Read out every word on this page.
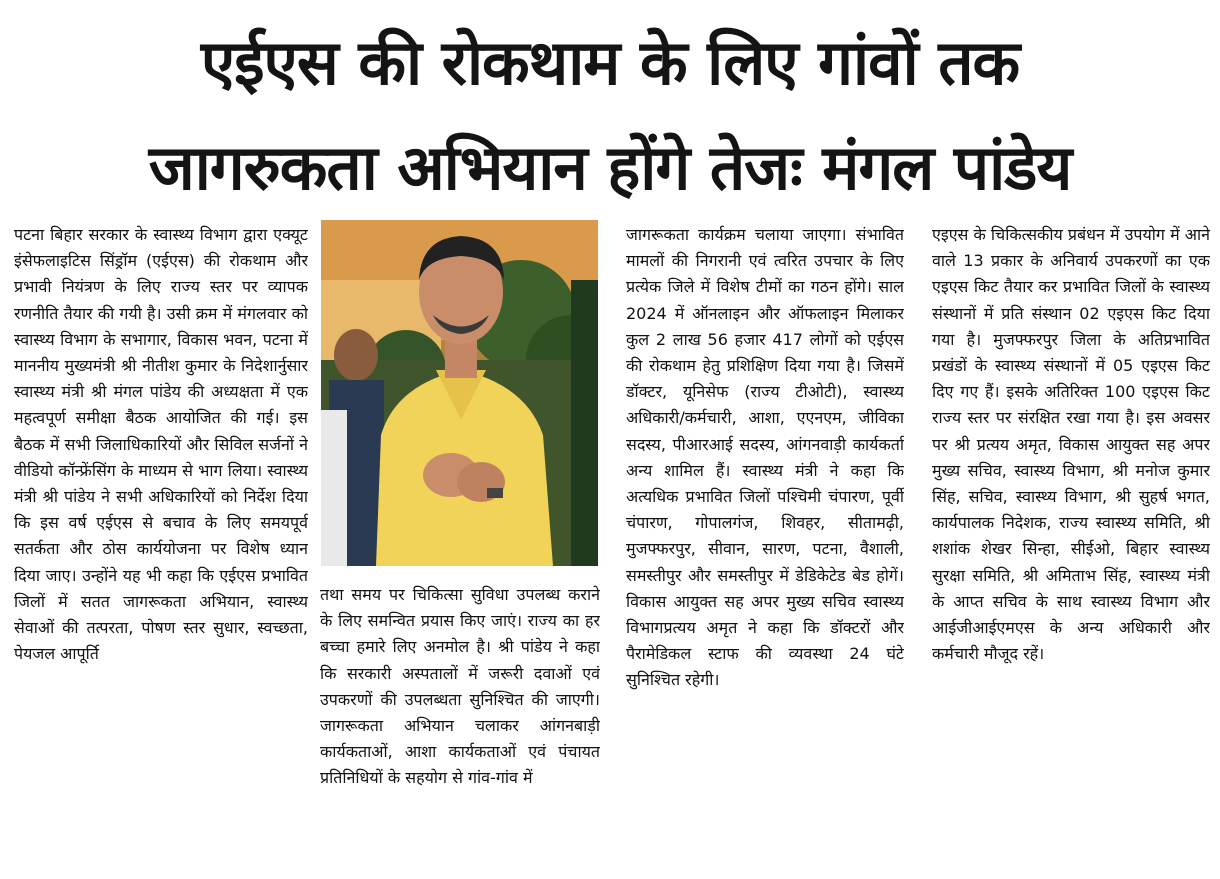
एईएस की रोकथाम के लिए गांवों तक
जागरुकता अभियान होंगे तेजः मंगल पांडेय

पटना बिहार सरकार के स्वास्थ्य विभाग द्वारा एक्यूट इंसेफलाइटिस सिंड्रॉम (एईएस) की रोकथाम और प्रभावी नियंत्रण के लिए राज्य स्तर पर व्यापक रणनीति तैयार की गयी है। उसी क्रम में मंगलवार को स्वास्थ्य विभाग के सभागार, विकास भवन, पटना में माननीय मुख्यमंत्री श्री नीतीश कुमार के निदेशार्नुसार स्वास्थ्य मंत्री श्री मंगल पांडेय की अध्यक्षता में एक महत्वपूर्ण समीक्षा बैठक आयोजित की गई। इस बैठक में सभी जिलाधिकारियों और सिविल सर्जनों ने वीडियो कॉन्फ्रेंसिंग के माध्यम से भाग लिया। स्वास्थ्य मंत्री श्री पांडेय ने सभी अधिकारियों को निर्देश दिया कि इस वर्ष एईएस से बचाव के लिए समयपूर्व सतर्कता और ठोस कार्ययोजना पर विशेष ध्यान दिया जाए। उन्होंने यह भी कहा कि एईएस प्रभावित जिलों में सतत जागरूकता अभियान, स्वास्थ्य सेवाओं की तत्परता, पोषण स्तर सुधार, स्वच्छता, पेयजल आपूर्ति

तथा समय पर चिकित्सा सुविधा उपलब्ध कराने के लिए समन्वित प्रयास किए जाएं। राज्य का हर बच्चा हमारे लिए अनमोल है। श्री पांडेय ने कहा कि सरकारी अस्पतालों में जरूरी दवाओं एवं उपकरणों की उपलब्धता सुनिश्चित की जाएगी। जागरूकता अभियान चलाकर आंगनबाड़ी कार्यकताओं, आशा कार्यकताओं एवं पंचायत प्रतिनिधियों के सहयोग से गांव-गांव में

जागरूकता कार्यक्रम चलाया जाएगा। संभावित मामलों की निगरानी एवं त्वरित उपचार के लिए प्रत्येक जिले में विशेष टीमों का गठन होंगे। साल 2024 में ऑनलाइन और ऑफलाइन मिलाकर कुल 2 लाख 56 हजार 417 लोगों को एईएस की रोकथाम हेतु प्रशिक्षिण दिया गया है। जिसमें डॉक्टर, यूनिसेफ (राज्य टीओटी), स्वास्थ्य अधिकारी/कर्मचारी, आशा, एएनएम, जीविका सदस्य, पीआरआई सदस्य, आंगनवाड़ी कार्यकर्ता अन्य शामिल हैं। स्वास्थ्य मंत्री ने कहा कि अत्यधिक प्रभावित जिलों पश्चिमी चंपारण, पूर्वी चंपारण, गोपालगंज, शिवहर, सीतामढ़ी, मुजफ्फरपुर, सीवान, सारण, पटना, वैशाली, समस्तीपुर और समस्तीपुर में डेडिकेटेड बेड होगें। विकास आयुक्त सह अपर मुख्य सचिव स्वास्थ्य विभागप्रत्यय अमृत ने कहा कि डॉक्टरों और पैरामेडिकल स्टाफ की व्यवस्था 24 घंटे सुनिश्चित रहेगी।

एइएस के चिकित्सकीय प्रबंधन में उपयोग में आने वाले 13 प्रकार के अनिवार्य उपकरणों का एक एइएस किट तैयार कर प्रभावित जिलों के स्वास्थ्य संस्थानों में प्रति संस्थान 02 एइएस किट दिया गया है। मुजफ्फरपुर जिला के अतिप्रभावित प्रखंडों के स्वास्थ्य संस्थानों में 05 एइएस किट दिए गए हैं। इसके अतिरिक्त 100 एइएस किट राज्य स्तर पर संरक्षित रखा गया है। इस अवसर पर श्री प्रत्यय अमृत, विकास आयुक्त सह अपर मुख्य सचिव, स्वास्थ्य विभाग, श्री मनोज कुमार सिंह, सचिव, स्वास्थ्य विभाग, श्री सुहर्ष भगत, कार्यपालक निदेशक, राज्य स्वास्थ्य समिति, श्री शशांक शेखर सिन्हा, सीईओ, बिहार स्वास्थ्य सुरक्षा समिति, श्री अमिताभ सिंह, स्वास्थ्य मंत्री के आप्त सचिव के साथ स्वास्थ्य विभाग और आईजीआईएमएस के अन्य अधिकारी और कर्मचारी मौजूद रहें।
